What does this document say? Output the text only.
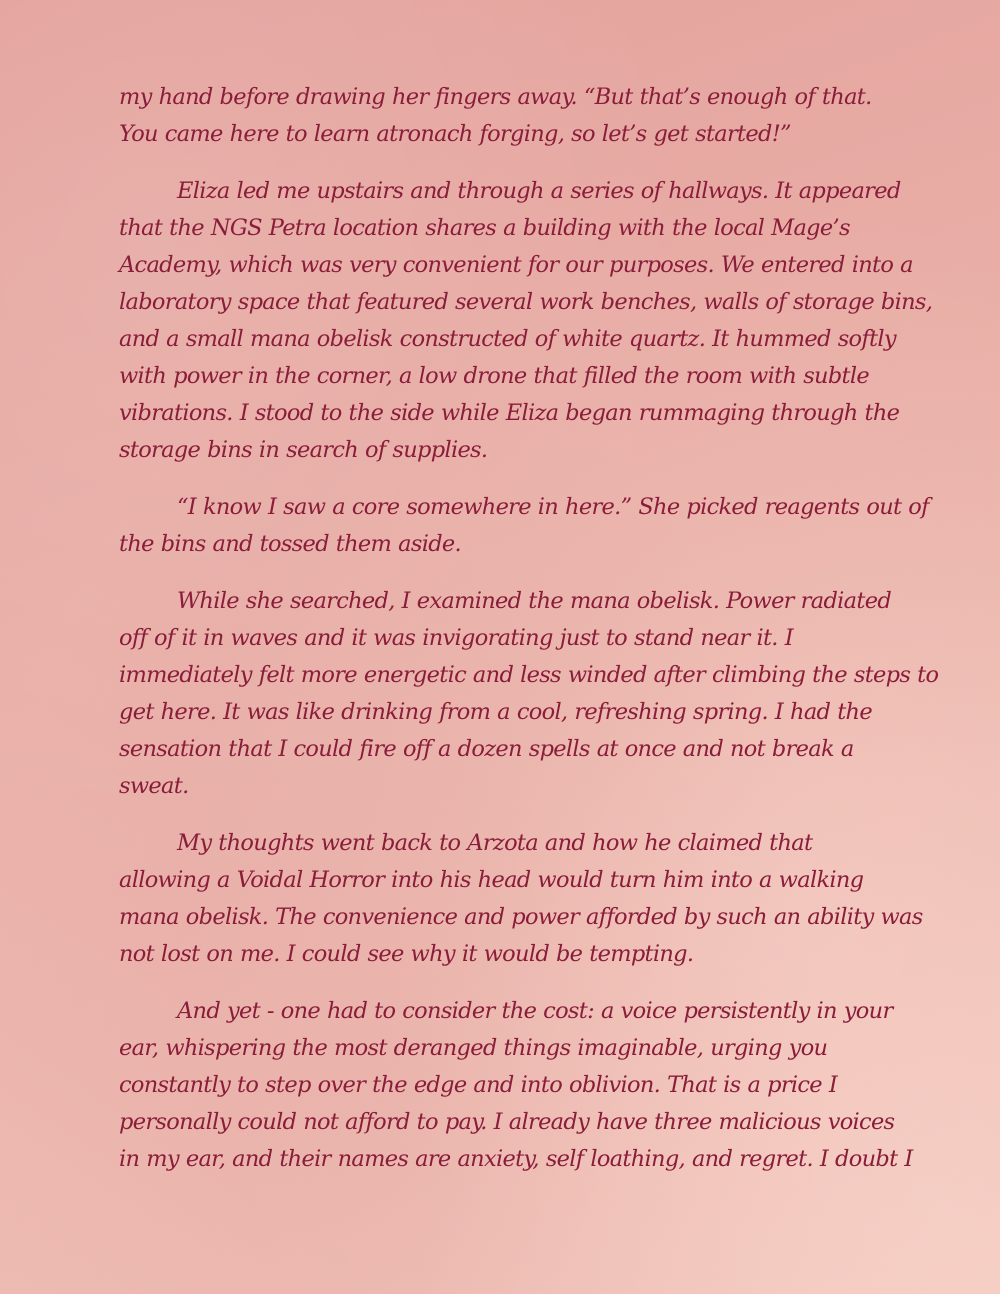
my hand before drawing her fingers away. “But that’s enough of that.
You came here to learn atronach forging, so let’s get started!”

Eliza led me upstairs and through a series of hallways. It appeared
that the NGS Petra location shares a building with the local Mage’s
Academy, which was very convenient for our purposes. We entered into a
laboratory space that featured several work benches, walls of storage bins,
and a small mana obelisk constructed of white quartz. It hummed softly
with power in the corner, a low drone that filled the room with subtle
vibrations. I stood to the side while Eliza began rummaging through the
storage bins in search of supplies.

“I know I saw a core somewhere in here.” She picked reagents out of
the bins and tossed them aside.

While she searched, I examined the mana obelisk. Power radiated
off of it in waves and it was invigorating just to stand near it. I
immediately felt more energetic and less winded after climbing the steps to
get here. It was like drinking from a cool, refreshing spring. I had the
sensation that I could fire off a dozen spells at once and not break a
sweat.

My thoughts went back to Arzota and how he claimed that
allowing a Voidal Horror into his head would turn him into a walking
mana obelisk. The convenience and power afforded by such an ability was
not lost on me. I could see why it would be tempting.

And yet - one had to consider the cost: a voice persistently in your
ear, whispering the most deranged things imaginable, urging you
constantly to step over the edge and into oblivion. That is a price I
personally could not afford to pay. I already have three malicious voices
in my ear, and their names are anxiety, self loathing, and regret. I doubt I
